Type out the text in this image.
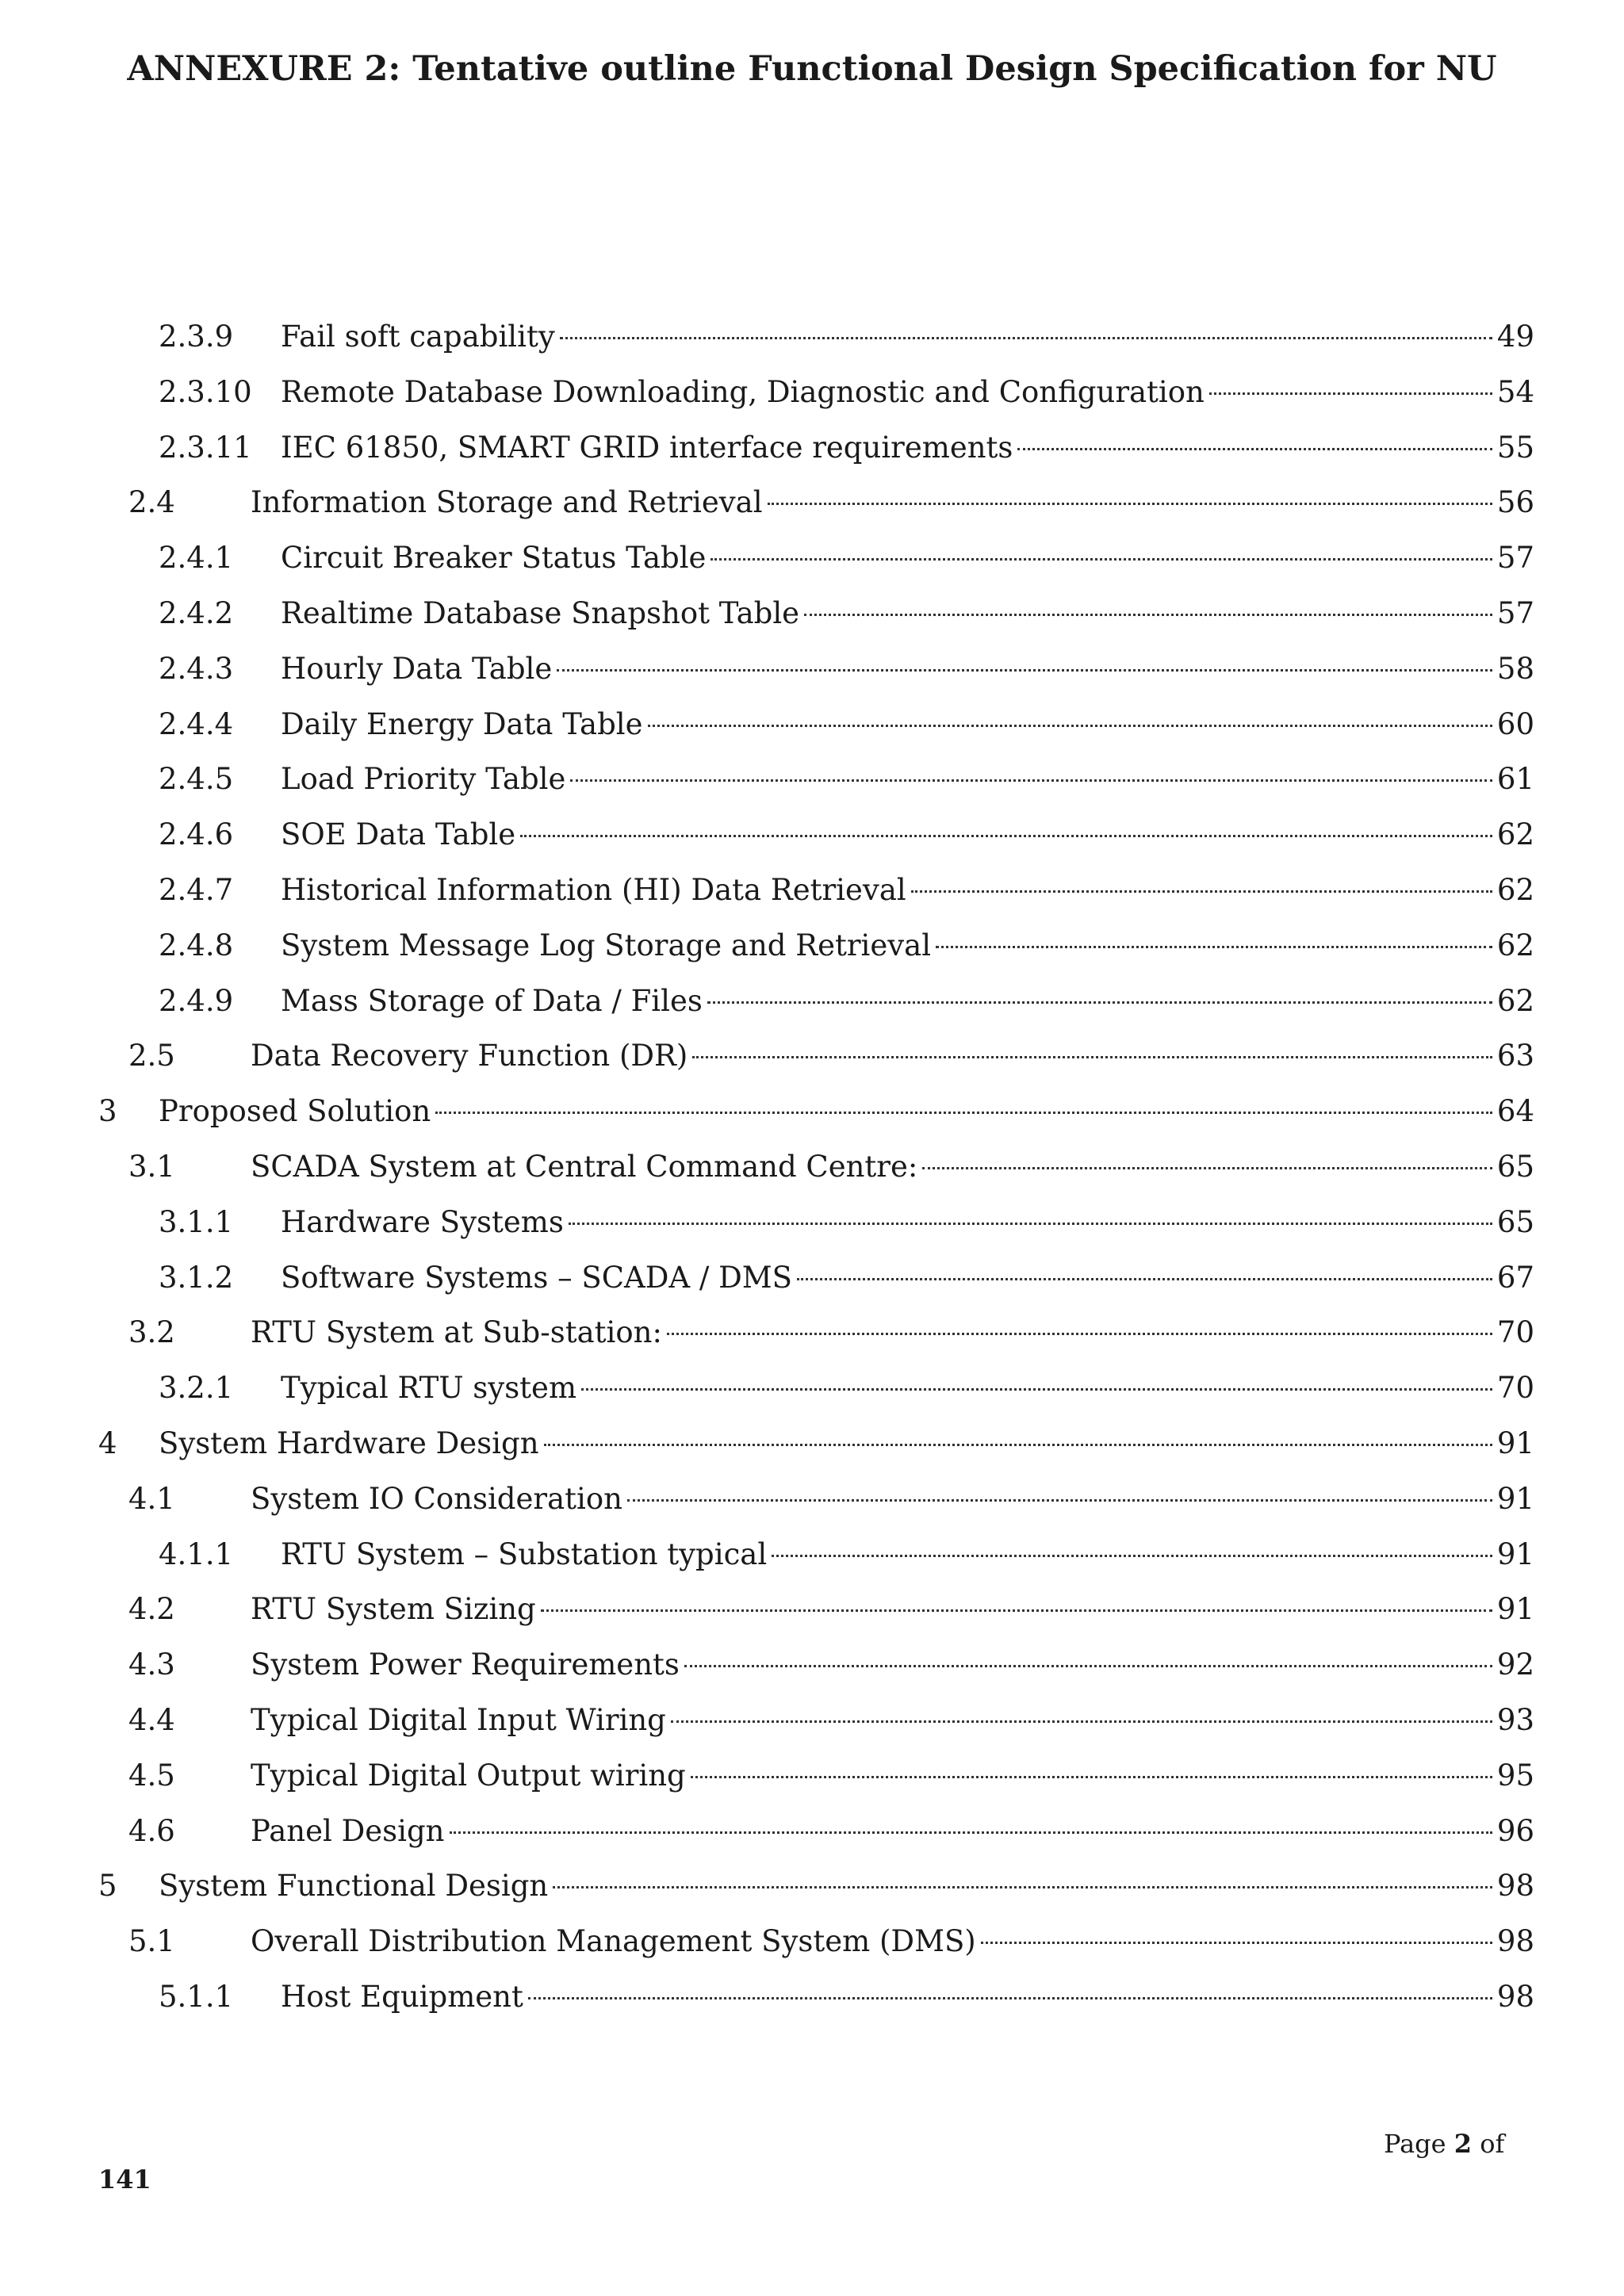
ANNEXURE 2: Tentative outline Functional Design Specification for NU
2.3.9	Fail soft capability	49
2.3.10 Remote Database Downloading, Diagnostic and Configuration	54
2.3.11 IEC 61850, SMART GRID interface requirements	55
2.4	Information Storage and Retrieval	56
2.4.1	Circuit Breaker Status Table	57
2.4.2	Realtime Database Snapshot Table	57
2.4.3	Hourly Data Table	58
2.4.4	Daily Energy Data Table	60
2.4.5	Load Priority Table	61
2.4.6	SOE Data Table	62
2.4.7	Historical Information (HI) Data Retrieval	62
2.4.8	System Message Log Storage and Retrieval	62
2.4.9	Mass Storage of Data / Files	62
2.5	Data Recovery Function (DR)	63
3	Proposed Solution	64
3.1	SCADA System at Central Command Centre:	65
3.1.1	Hardware Systems	65
3.1.2	Software Systems – SCADA / DMS	67
3.2	RTU System at Sub-station:	70
3.2.1	Typical RTU system	70
4	System Hardware Design	91
4.1	System IO Consideration	91
4.1.1	RTU System – Substation typical	91
4.2	RTU System Sizing	91
4.3	System Power Requirements	92
4.4	Typical Digital Input Wiring	93
4.5	Typical Digital Output wiring	95
4.6	Panel Design	96
5	System Functional Design	98
5.1	Overall Distribution Management System (DMS)	98
5.1.1	Host Equipment	98
Page 2 of
141
